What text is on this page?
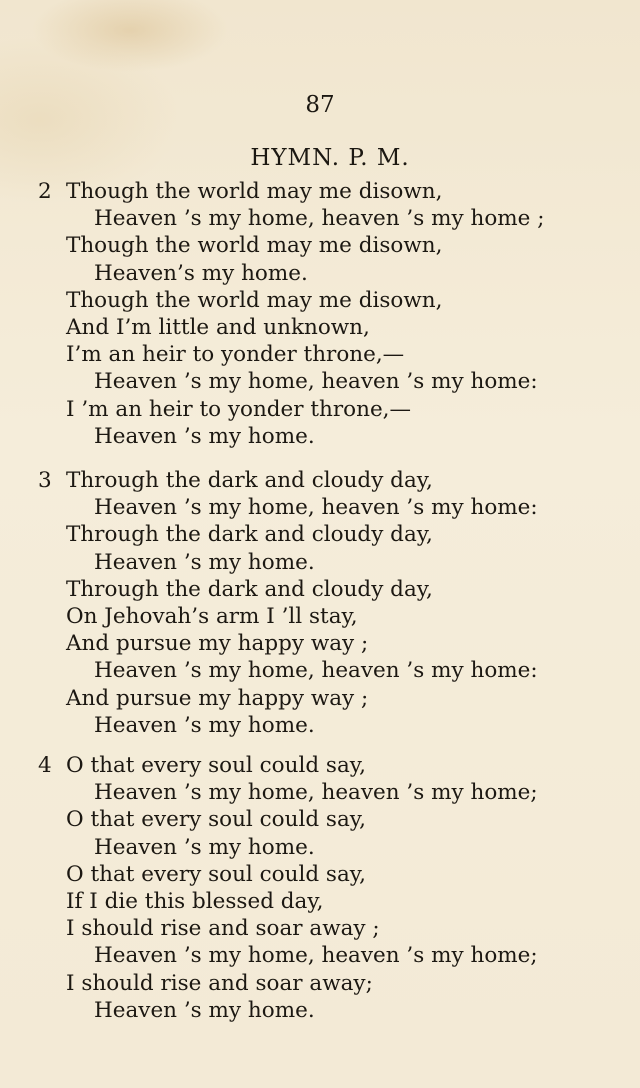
87
HYMN. P. M.
2 Though the world may me disown,
Heaven ’s my home, heaven ’s my home ;
Though the world may me disown,
Heaven’s my home.
Though the world may me disown,
And I’m little and unknown,
I’m an heir to yonder throne,—
Heaven ’s my home, heaven ’s my home:
I ’m an heir to yonder throne,—
Heaven ’s my home.
3 Through the dark and cloudy day,
Heaven ’s my home, heaven ’s my home:
Through the dark and cloudy day,
Heaven ’s my home.
Through the dark and cloudy day,
On Jehovah’s arm I ’ll stay,
And pursue my happy way ;
Heaven ’s my home, heaven ’s my home:
And pursue my happy way ;
Heaven ’s my home.
4 O that every soul could say,
Heaven ’s my home, heaven ’s my home;
O that every soul could say,
Heaven ’s my home.
O that every soul could say,
If I die this blessed day,
I should rise and soar away ;
Heaven ’s my home, heaven ’s my home;
I should rise and soar away;
Heaven ’s my home.
